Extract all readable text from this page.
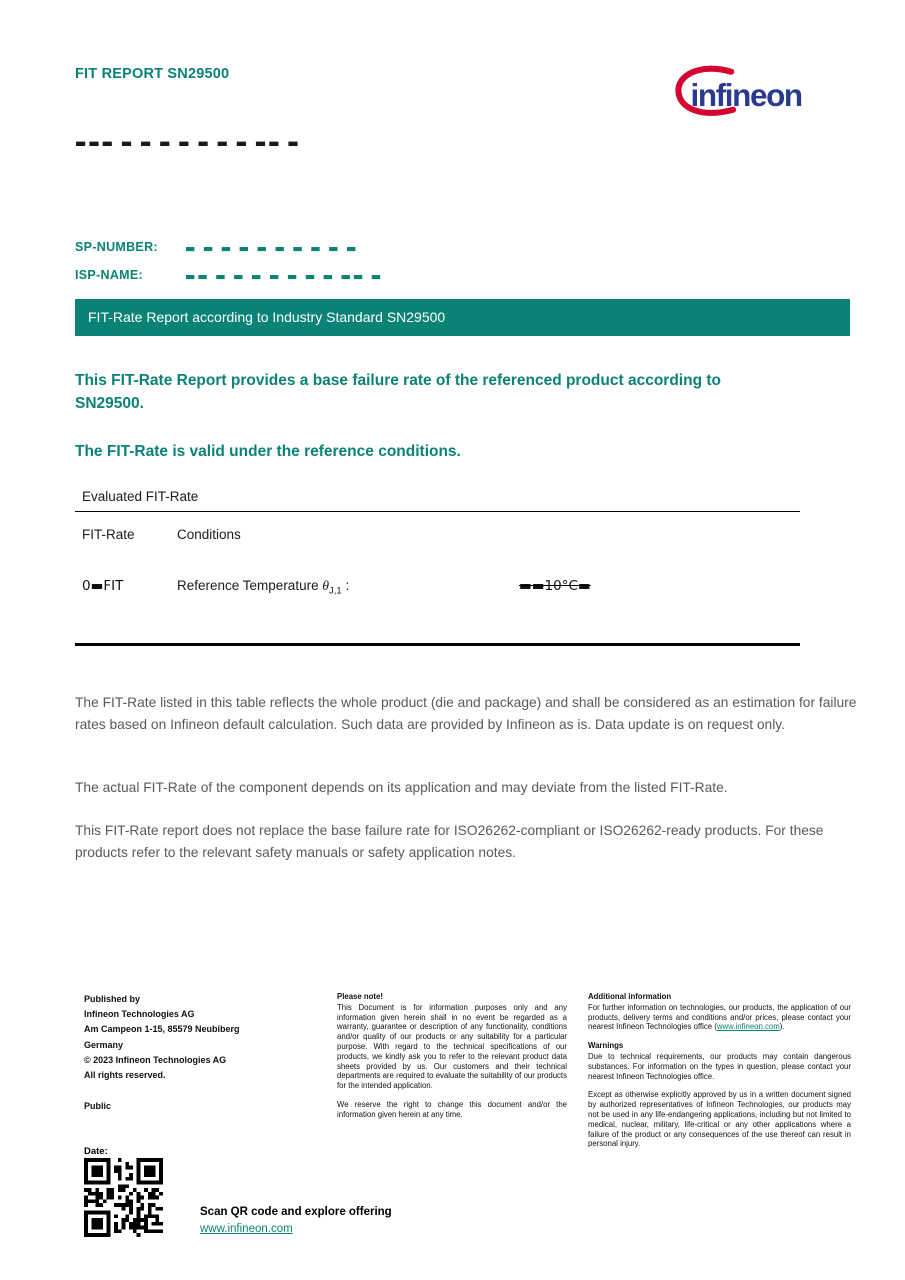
FIT REPORT SN29500
infineon
▬▬▬ ▬ ▬ ▬ ▬ ▬ ▬ ▬ ▬▬ ▬
SP-NUMBER: ▬ ▬ ▬ ▬ ▬ ▬ ▬ ▬ ▬ ▬
ISP-NAME:	▬▬ ▬ ▬ ▬ ▬ ▬ ▬ ▬ ▬▬ ▬
FIT-Rate Report according to Industry Standard SN29500
This FIT-Rate Report provides a base failure rate of the referenced product according to SN29500.
The FIT-Rate is valid under the reference conditions.
Evaluated FIT-Rate
FIT-Rate	Conditions
0▬FIT	Reference Temperature $\theta_{J,1}$ :	▬▬10°C▬

The FIT-Rate listed in this table reflects the whole product (die and package) and shall be considered as an estimation for failure rates based on Infineon default calculation. Such data are provided by Infineon as is. Data update is on request only.

The actual FIT-Rate of the component depends on its application and may deviate from the listed FIT-Rate.

This FIT-Rate report does not replace the base failure rate for ISO26262-compliant or ISO26262-ready products. For these products refer to the relevant safety manuals or safety application notes.

Published by
Infineon Technologies AG
Am Campeon 1-15, 85579 Neubiberg
Germany
© 2023 Infineon Technologies AG
All rights reserved.
Public
Please note!

This Document is for information purposes only and any information given herein shall in no event be regarded as a warranty, guarantee or description of any functionality, conditions and/or quality of our products or any suitability for a particular purpose. With regard to the technical specifications of our products, we kindly ask you to refer to the relevant product data sheets provided by us. Our customers and their technical departments are required to evaluate the suitability of our products for the intended application.

We reserve the right to change this document and/or the information given herein at any time.

Additional information

For further information on technologies, our products, the application of our products, delivery terms and conditions and/or prices, please contact your nearest Infineon Technologies office (www.infineon.com).

Warnings

Due to technical requirements, our products may contain dangerous substances. For information on the types in question, please contact your nearest Infineon Technologies office.

Except as otherwise explicitly approved by us in a written document signed by authorized representatives of Infineon Technologies, our products may not be used in any life-endangering applications, including but not limited to medical, nuclear, military, life-critical or any other applications where a failure of the product or any consequences of the use thereof can result in personal injury.

Date:
Scan QR code and explore offering
www.infineon.com
